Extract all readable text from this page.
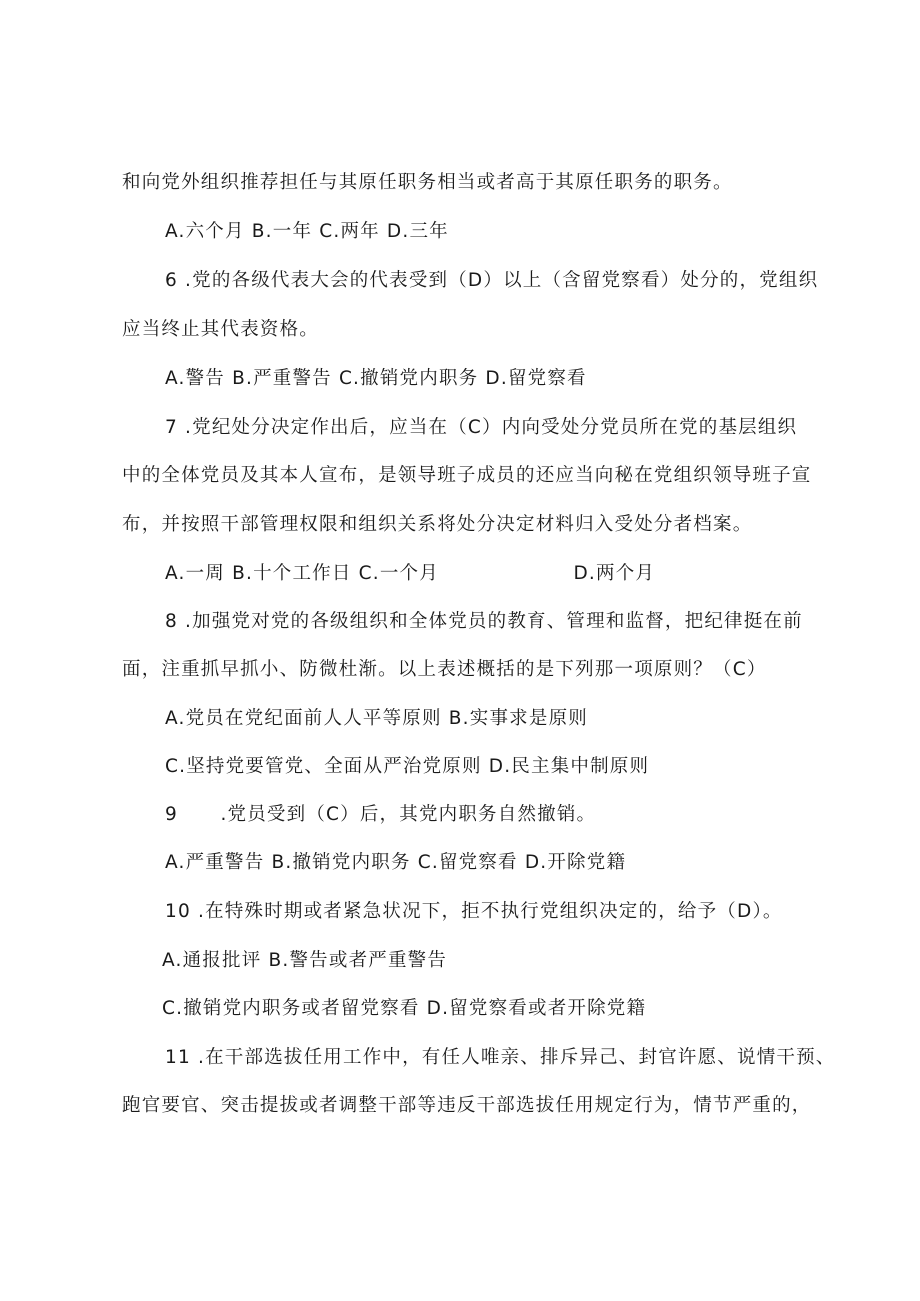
和向党外组织推荐担任与其原任职务相当或者高于其原任职务的职务。
A.六个月 B.一年 C.两年 D.三年
6 .党的各级代表大会的代表受到（D）以上（含留党察看）处分的，党组织
应当终止其代表资格。
A.警告 B.严重警告 C.撤销党内职务 D.留党察看
7 .党纪处分决定作出后，应当在（C）内向受处分党员所在党的基层组织
中的全体党员及其本人宣布，是领导班子成员的还应当向秘在党组织领导班子宣
布，并按照干部管理权限和组织关系将处分决定材料归入受处分者档案。
A.一周 B.十个工作日 C.一个月                   D.两个月
8 .加强党对党的各级组织和全体党员的教育、管理和监督，把纪律挺在前
面，注重抓早抓小、防微杜渐。以上表述概括的是下列那一项原则？（C）
A.党员在党纪面前人人平等原则 B.实事求是原则
C.坚持党要管党、全面从严治党原则 D.民主集中制原则
9      .党员受到（C）后，其党内职务自然撤销。
A.严重警告 B.撤销党内职务 C.留党察看 D.开除党籍
10 .在特殊时期或者紧急状况下，拒不执行党组织决定的，给予（D）。
A.通报批评 B.警告或者严重警告
C.撤销党内职务或者留党察看 D.留党察看或者开除党籍
11 .在干部选拔任用工作中，有任人唯亲、排斥异己、封官许愿、说情干预、
跑官要官、突击提拔或者调整干部等违反干部选拔任用规定行为，情节严重的，
